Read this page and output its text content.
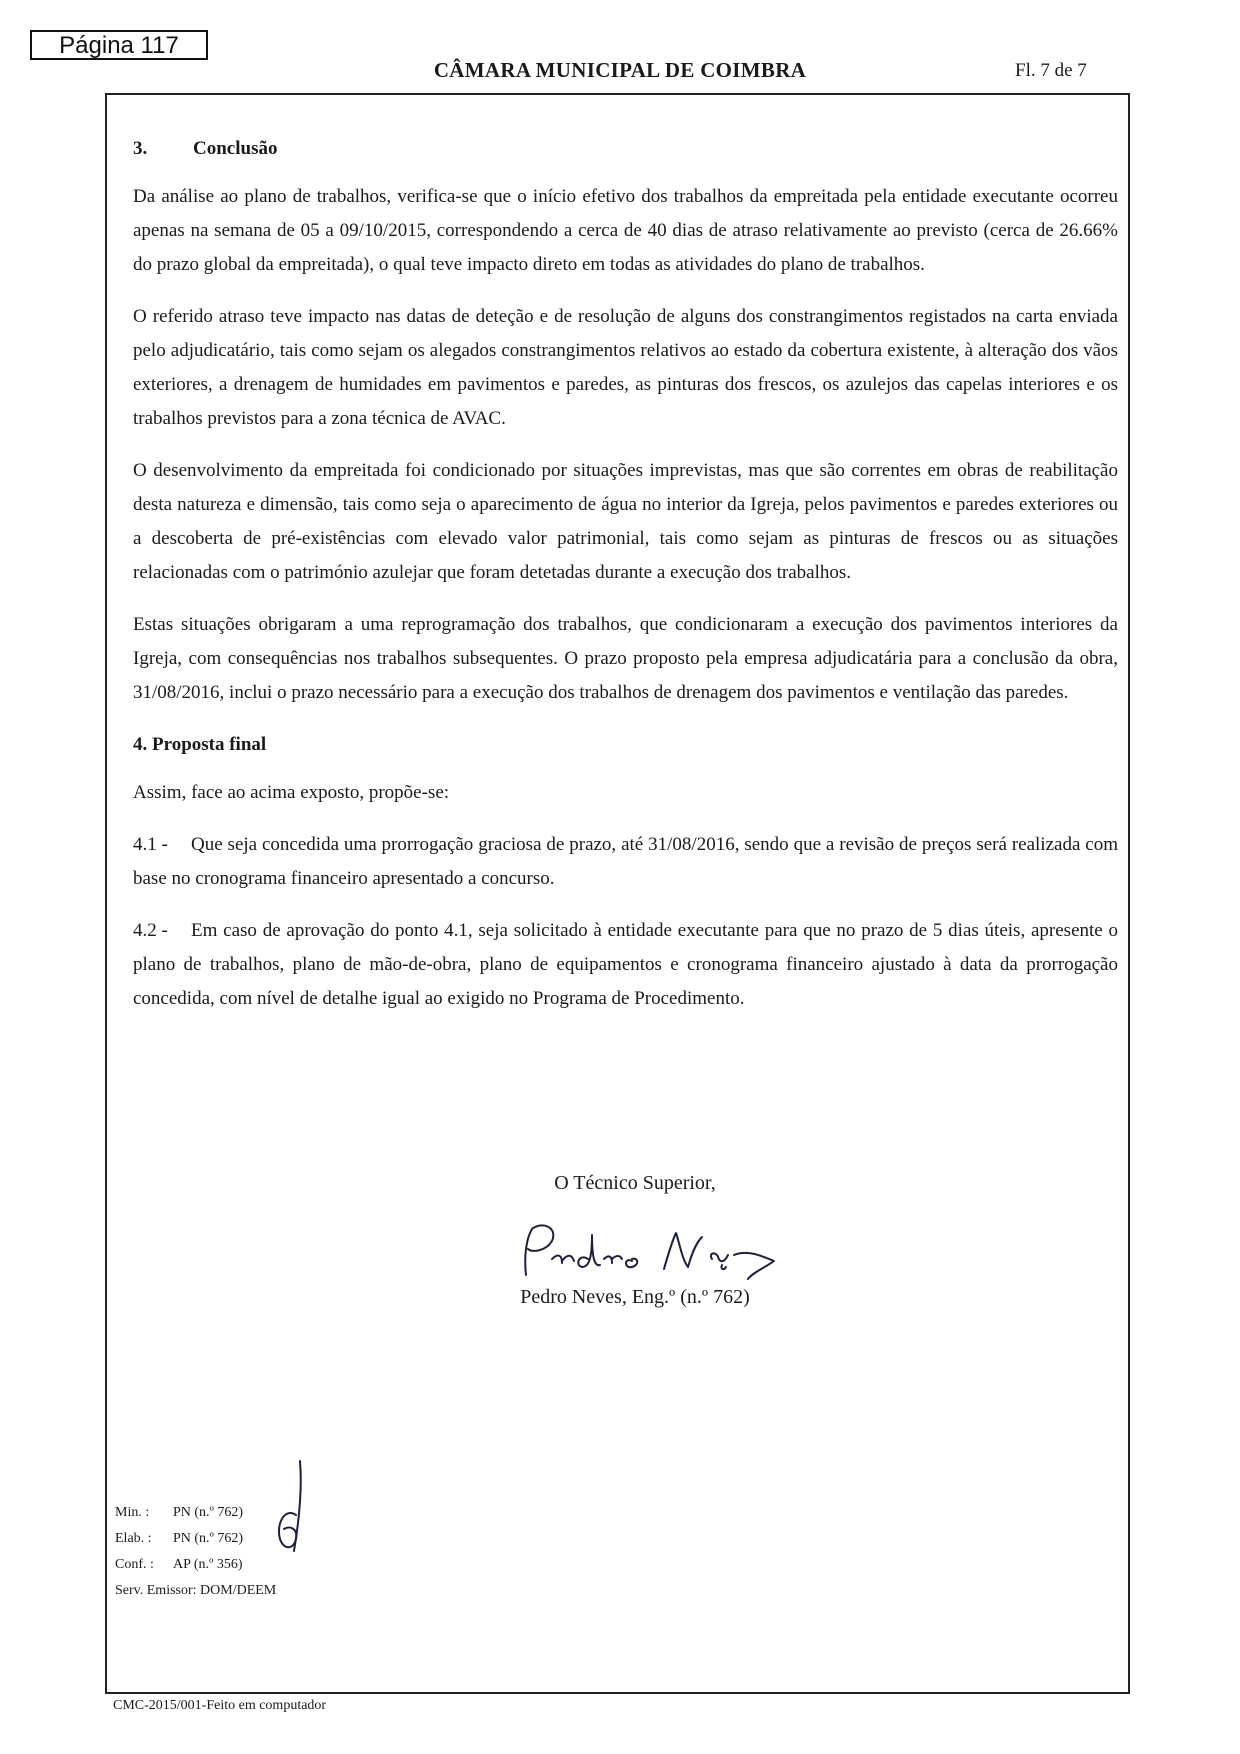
Página 117
CÂMARA MUNICIPAL DE COIMBRA	Fl. 7 de 7
3. Conclusão

Da análise ao plano de trabalhos, verifica-se que o início efetivo dos trabalhos da empreitada pela entidade executante ocorreu apenas na semana de 05 a 09/10/2015, correspondendo a cerca de 40 dias de atraso relativamente ao previsto (cerca de 26.66% do prazo global da empreitada), o qual teve impacto direto em todas as atividades do plano de trabalhos.

O referido atraso teve impacto nas datas de deteção e de resolução de alguns dos constrangimentos registados na carta enviada pelo adjudicatário, tais como sejam os alegados constrangimentos relativos ao estado da cobertura existente, à alteração dos vãos exteriores, a drenagem de humidades em pavimentos e paredes, as pinturas dos frescos, os azulejos das capelas interiores e os trabalhos previstos para a zona técnica de AVAC.

O desenvolvimento da empreitada foi condicionado por situações imprevistas, mas que são correntes em obras de reabilitação desta natureza e dimensão, tais como seja o aparecimento de água no interior da Igreja, pelos pavimentos e paredes exteriores ou a descoberta de pré-existências com elevado valor patrimonial, tais como sejam as pinturas de frescos ou as situações relacionadas com o património azulejar que foram detetadas durante a execução dos trabalhos.

Estas situações obrigaram a uma reprogramação dos trabalhos, que condicionaram a execução dos pavimentos interiores da Igreja, com consequências nos trabalhos subsequentes. O prazo proposto pela empresa adjudicatária para a conclusão da obra, 31/08/2016, inclui o prazo necessário para a execução dos trabalhos de drenagem dos pavimentos e ventilação das paredes.

4. Proposta final

Assim, face ao acima exposto, propõe-se:

4.1 - Que seja concedida uma prorrogação graciosa de prazo, até 31/08/2016, sendo que a revisão de preços será realizada com base no cronograma financeiro apresentado a concurso.

4.2 - Em caso de aprovação do ponto 4.1, seja solicitado à entidade executante para que no prazo de 5 dias úteis, apresente o plano de trabalhos, plano de mão-de-obra, plano de equipamentos e cronograma financeiro ajustado à data da prorrogação concedida, com nível de detalhe igual ao exigido no Programa de Procedimento.

O Técnico Superior,
Pedro Neves, Eng.º (n.º 762)
Min. : PN (n.º 762)
Elab. : PN (n.º 762)
Conf. : AP (n.º 356)
Serv. Emissor: DOM/DEEM
CMC-2015/001-Feito em computador
